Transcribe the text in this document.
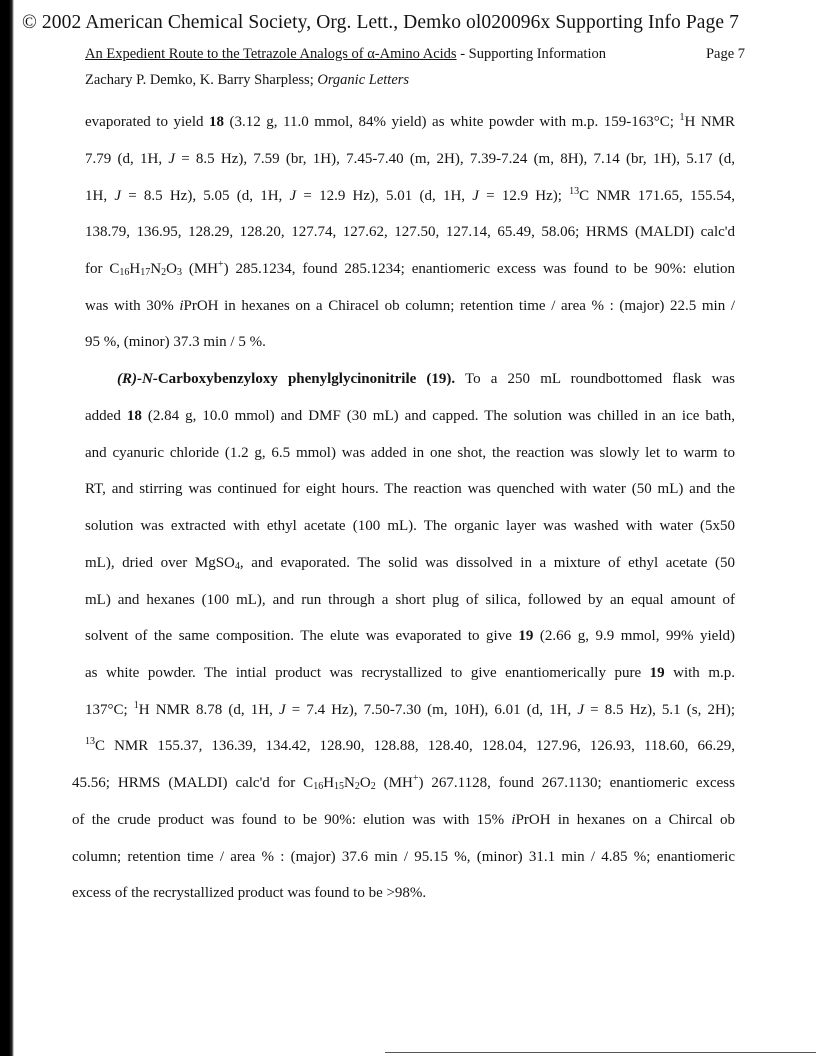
© 2002 American Chemical Society, Org. Lett., Demko ol020096x Supporting Info Page 7
An Expedient Route to the Tetrazole Analogs of α-Amino Acids - Supporting Information	Page 7
Zachary P. Demko, K. Barry Sharpless; Organic Letters
evaporated to yield 18 (3.12 g, 11.0 mmol, 84% yield) as white powder with m.p. 159-163°C; $^1$H NMR
7.79 (d, 1H, J = 8.5 Hz), 7.59 (br, 1H), 7.45-7.40 (m, 2H), 7.39-7.24 (m, 8H), 7.14 (br, 1H), 5.17 (d,
1H, J = 8.5 Hz), 5.05 (d, 1H, J = 12.9 Hz), 5.01 (d, 1H, J = 12.9 Hz); $^{13}$C NMR 171.65, 155.54,
138.79, 136.95, 128.29, 128.20, 127.74, 127.62, 127.50, 127.14, 65.49, 58.06; HRMS (MALDI) calc'd
for $C_{16}H_{17}N_2O_3$ (MH+) 285.1234, found 285.1234; enantiomeric excess was found to be 90%: elution
was with 30% iPrOH in hexanes on a Chiracel ob column; retention time / area % : (major) 22.5 min /
95 %, (minor) 37.3 min / 5 %.
(R)-N-Carboxybenzyloxy phenylglycinonitrile (19). To a 250 mL roundbottomed flask was
added 18 (2.84 g, 10.0 mmol) and DMF (30 mL) and capped. The solution was chilled in an ice bath,
and cyanuric chloride (1.2 g, 6.5 mmol) was added in one shot, the reaction was slowly let to warm to
RT, and stirring was continued for eight hours. The reaction was quenched with water (50 mL) and the
solution was extracted with ethyl acetate (100 mL). The organic layer was washed with water (5x50
mL), dried over MgSO$_4$, and evaporated. The solid was dissolved in a mixture of ethyl acetate (50
mL) and hexanes (100 mL), and run through a short plug of silica, followed by an equal amount of
solvent of the same composition. The elute was evaporated to give 19 (2.66 g, 9.9 mmol, 99% yield)
as white powder. The intial product was recrystallized to give enantiomerically pure 19 with m.p.
137°C; $^1$H NMR 8.78 (d, 1H, J = 7.4 Hz), 7.50-7.30 (m, 10H), 6.01 (d, 1H, J = 8.5 Hz), 5.1 (s, 2H);
$^{13}$C NMR 155.37, 136.39, 134.42, 128.90, 128.88, 128.40, 128.04, 127.96, 126.93, 118.60, 66.29,
45.56; HRMS (MALDI) calc'd for $C_{16}H_{15}N_2O_2$ (MH+) 267.1128, found 267.1130; enantiomeric excess
of the crude product was found to be 90%: elution was with 15% iPrOH in hexanes on a Chircal ob
column; retention time / area % : (major) 37.6 min / 95.15 %, (minor) 31.1 min / 4.85 %; enantiomeric
excess of the recrystallized product was found to be >98%.
